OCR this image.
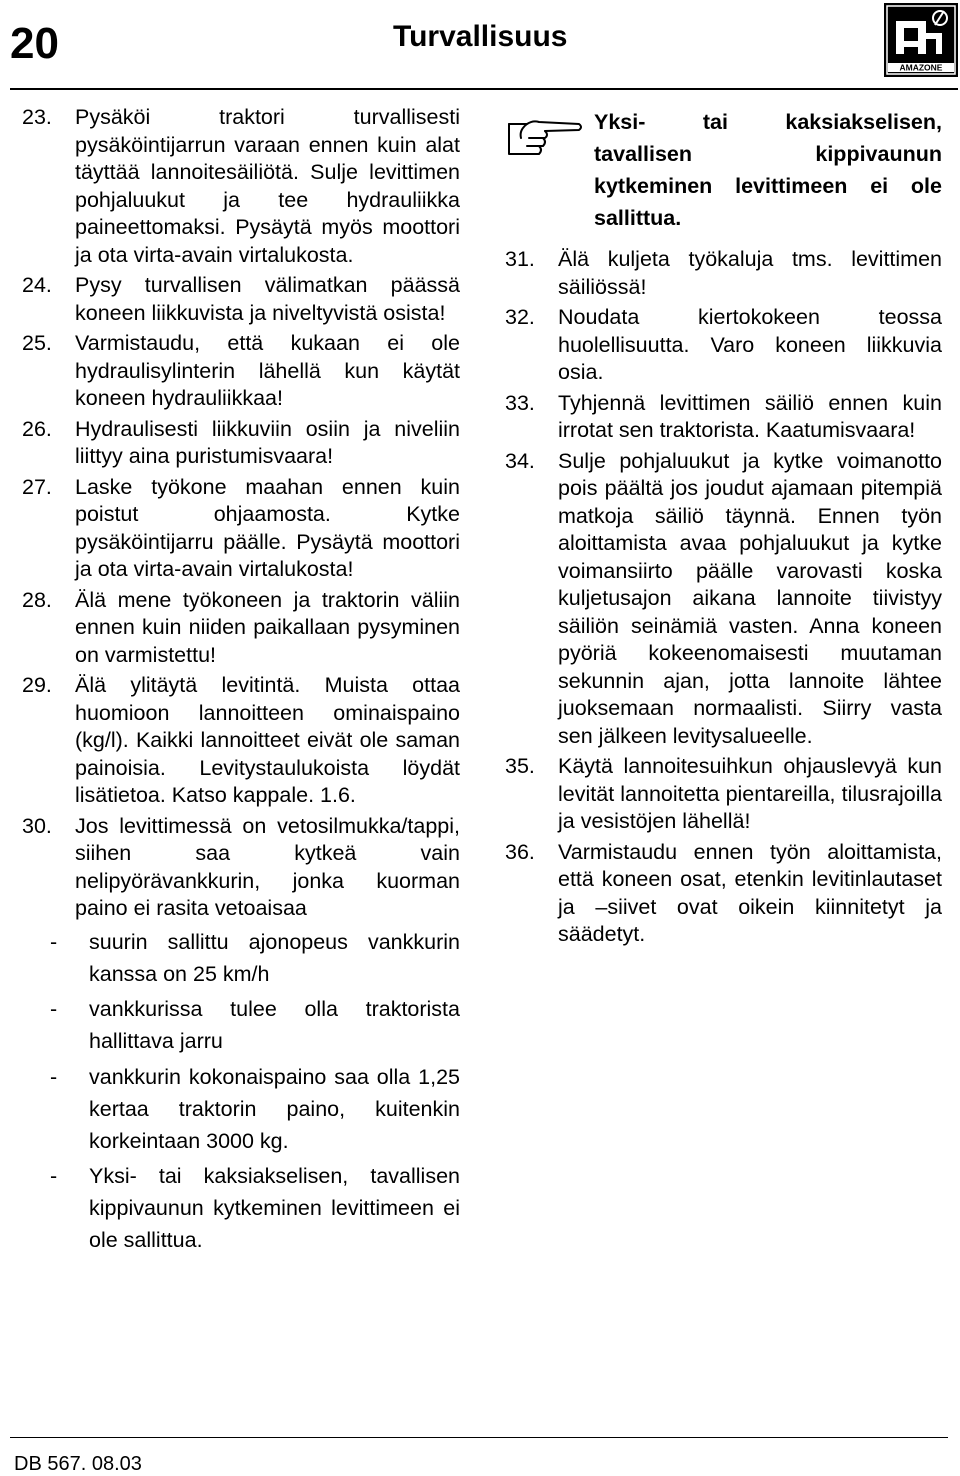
20	Turvallisuus
AMAZONE
23. Pysäköi traktori turvallisesti pysäköintijarrun varaan ennen kuin alat täyttää lannoitesäiliötä. Sulje levittimen pohjaluukut ja tee hydrauliikka paineettomaksi. Pysäytä myös moottori ja ota virta-avain virtalukosta.
24. Pysy turvallisen välimatkan päässä koneen liikkuvista ja niveltyvistä osista!
25. Varmistaudu, että kukaan ei ole hydraulisylinterin lähellä kun käytät koneen hydrauliikkaa!
26. Hydraulisesti liikkuviin osiin ja niveliin liittyy aina puristumisvaara!
27. Laske työkone maahan ennen kuin poistut ohjaamosta. Kytke pysäköintijarru päälle. Pysäytä moottori ja ota virta-avain virtalukosta!
28. Älä mene työkoneen ja traktorin väliin ennen kuin niiden paikallaan pysyminen on varmistettu!
29. Älä ylitäytä levitintä. Muista ottaa huomioon lannoitteen ominaispaino (kg/l). Kaikki lannoitteet eivät ole saman painoisia. Levitystaulukoista löydät lisätietoa. Katso kappale. 1.6.
30. Jos levittimessä on vetosilmukka/tappi, siihen saa kytkeä vain nelipyörävankkurin, jonka kuorman paino ei rasita vetoaisaa
- suurin sallittu ajonopeus vankkurin kanssa on 25 km/h
- vankkurissa tulee olla traktorista hallittava jarru
- vankkurin kokonaispaino saa olla 1,25 kertaa traktorin paino, kuitenkin korkeintaan 3000 kg.
- Yksi- tai kaksiakselisen, tavallisen kippivaunun kytkeminen levittimeen ei ole sallittua.
Yksi- tai kaksiakselisen, tavallisen kippivaunun kytkeminen levittimeen ei ole sallittua.
31. Älä kuljeta työkaluja tms. levittimen säiliössä!
32. Noudata kiertokokeen teossa huolellisuutta. Varo koneen liikkuvia osia.
33. Tyhjennä levittimen säiliö ennen kuin irrotat sen traktorista. Kaatumisvaara!
34. Sulje pohjaluukut ja kytke voimanotto pois päältä jos joudut ajamaan pitempiä matkoja säiliö täynnä. Ennen työn aloittamista avaa pohjaluukut ja kytke voimansiirto päälle varovasti koska kuljetusajon aikana lannoite tiivistyy säiliön seinämiä vasten. Anna koneen pyöriä kokeenomaisesti muutaman sekunnin ajan, jotta lannoite lähtee juoksemaan normaalisti. Siirry vasta sen jälkeen levitysalueelle.
35. Käytä lannoitesuihkun ohjauslevyä kun levität lannoitetta pientareilla, tilusrajoilla ja vesistöjen lähellä!
36. Varmistaudu ennen työn aloittamista, että koneen osat, etenkin levitinlautaset ja –siivet ovat oikein kiinnitetyt ja säädetyt.
DB 567. 08.03
